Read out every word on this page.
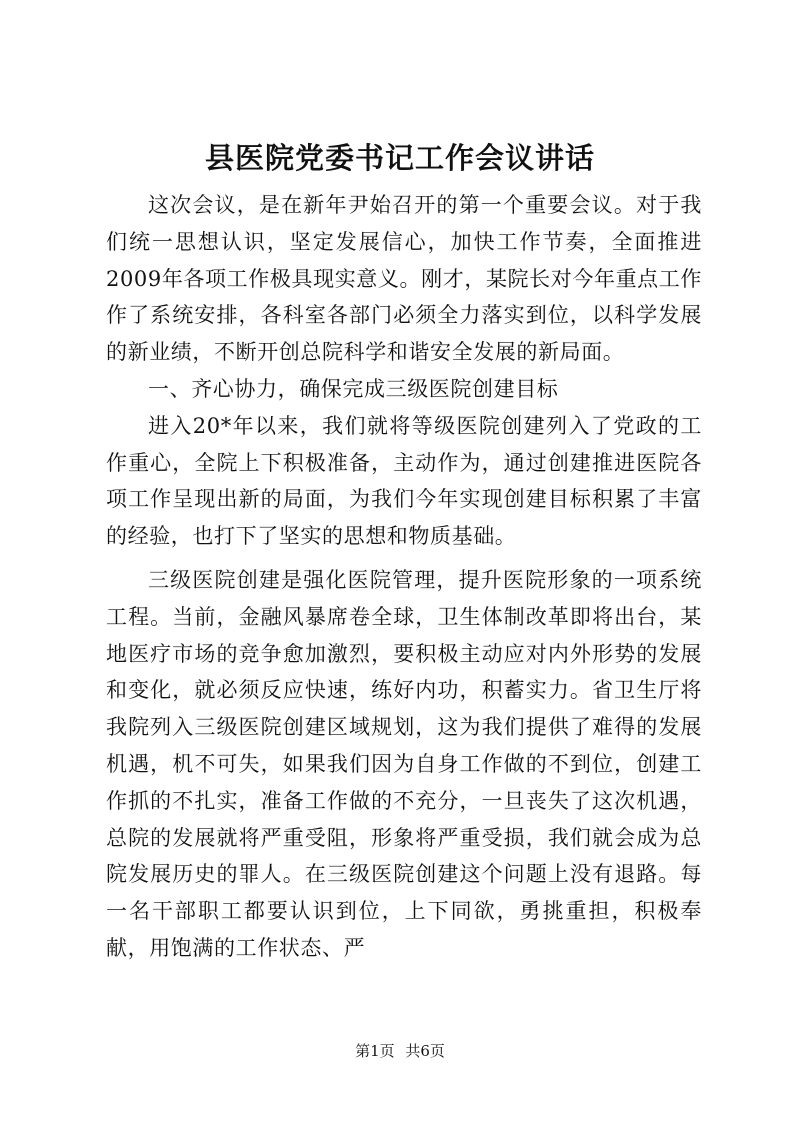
县医院党委书记工作会议讲话

这次会议，是在新年尹始召开的第一个重要会议。对于我们统一思想认识，坚定发展信心，加快工作节奏，全面推进2009年各项工作极具现实意义。刚才，某院长对今年重点工作作了系统安排，各科室各部门必须全力落实到位，以科学发展的新业绩，不断开创总院科学和谐安全发展的新局面。

一、齐心协力，确保完成三级医院创建目标

进入20*年以来，我们就将等级医院创建列入了党政的工作重心，全院上下积极准备，主动作为，通过创建推进医院各项工作呈现出新的局面，为我们今年实现创建目标积累了丰富的经验，也打下了坚实的思想和物质基础。

三级医院创建是强化医院管理，提升医院形象的一项系统工程。当前，金融风暴席卷全球，卫生体制改革即将出台，某地医疗市场的竞争愈加激烈，要积极主动应对内外形势的发展和变化，就必须反应快速，练好内功，积蓄实力。省卫生厅将我院列入三级医院创建区域规划，这为我们提供了难得的发展机遇，机不可失，如果我们因为自身工作做的不到位，创建工作抓的不扎实，准备工作做的不充分，一旦丧失了这次机遇，总院的发展就将严重受阻，形象将严重受损，我们就会成为总院发展历史的罪人。在三级医院创建这个问题上没有退路。每一名干部职工都要认识到位，上下同欲，勇挑重担，积极奉献，用饱满的工作状态、严

第1页 共6页
